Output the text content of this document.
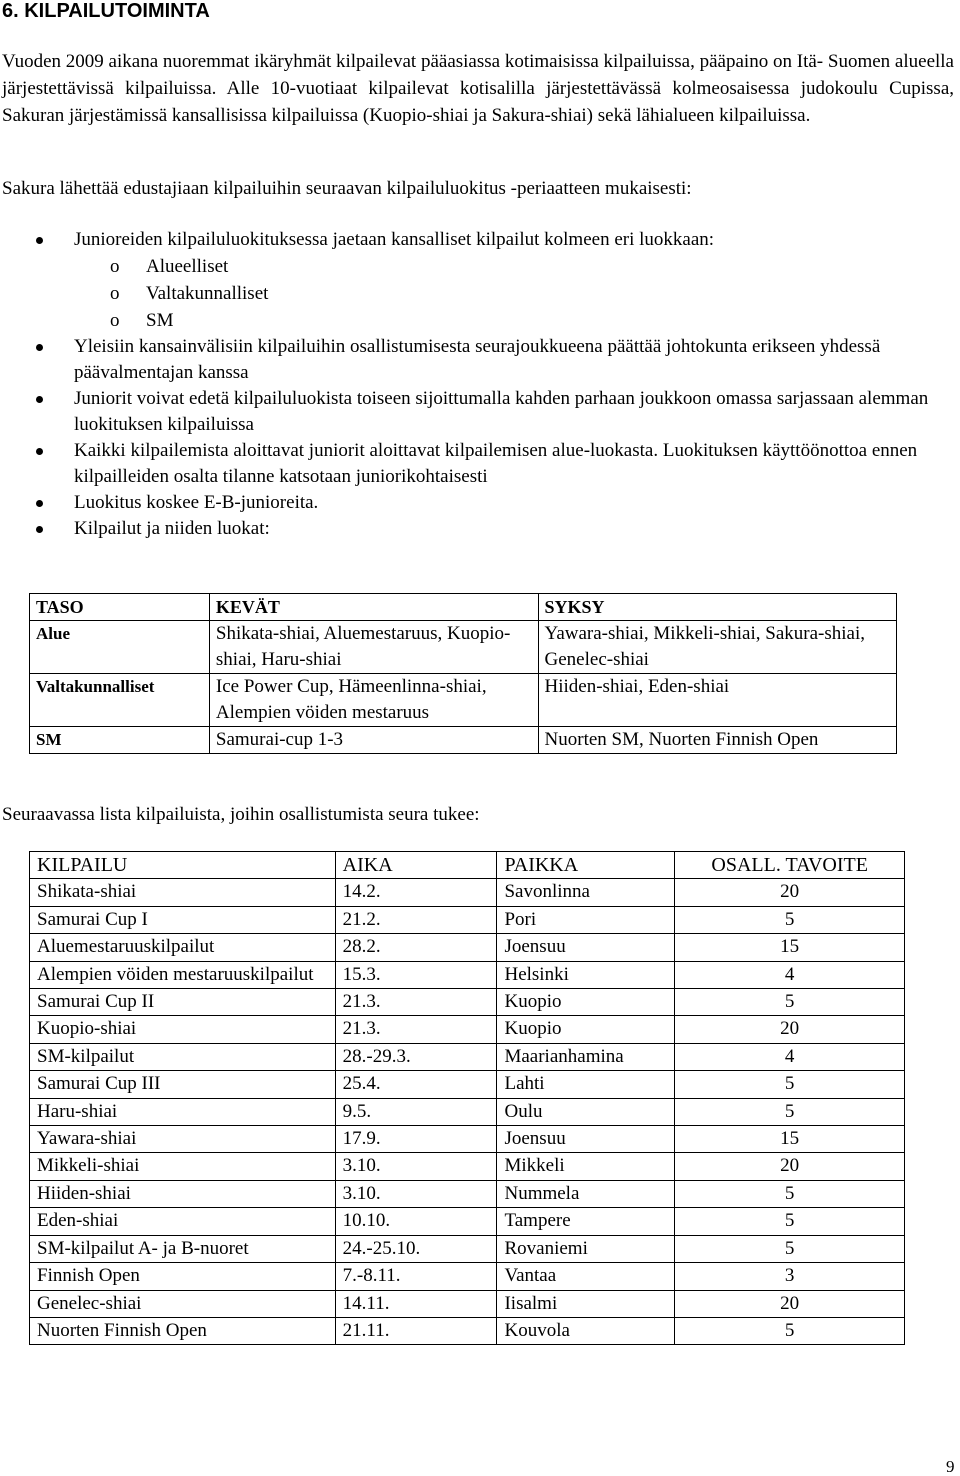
6. KILPAILUTOIMINTA

Vuoden 2009 aikana nuoremmat ikäryhmät kilpailevat pääasiassa kotimaisissa kilpailuissa, pääpaino on Itä- Suomen alueella järjestettävissä kilpailuissa. Alle 10-vuotiaat kilpailevat kotisalilla järjestettävässä kolmeosaisessa judokoulu Cupissa, Sakuran järjestämissä kansallisissa kilpailuissa (Kuopio-shiai ja Sakura-shiai) sekä lähialueen kilpailuissa.

Sakura lähettää edustajiaan kilpailuihin seuraavan kilpailuluokitus -periaatteen mukaisesti:

Junioreiden kilpailuluokituksessa jaetaan kansalliset kilpailut kolmeen eri luokkaan:
o Alueelliset
o Valtakunnalliset
o SM
Yleisiin kansainvälisiin kilpailuihin osallistumisesta seurajoukkueena päättää johtokunta erikseen yhdessä päävalmentajan kanssa
Juniorit voivat edetä kilpailuluokista toiseen sijoittumalla kahden parhaan joukkoon omassa sarjassaan alemman luokituksen kilpailuissa
Kaikki kilpailemista aloittavat juniorit aloittavat kilpailemisen alue-luokasta. Luokituksen käyttöönottoa ennen kilpailleiden osalta tilanne katsotaan juniorikohtaisesti
Luokitus koskee E-B-junioreita.
Kilpailut ja niiden luokat:
TASO	KEVÄT	SYKSY
Alue	Shikata-shiai, Aluemestaruus, Kuopio-shiai, Haru-shiai	Yawara-shiai, Mikkeli-shiai, Sakura-shiai, Genelec-shiai
Valtakunnalliset	Ice Power Cup, Hämeenlinna-shiai, Alempien vöiden mestaruus	Hiiden-shiai, Eden-shiai
SM	Samurai-cup 1-3	Nuorten SM, Nuorten Finnish Open

Seuraavassa lista kilpailuista, joihin osallistumista seura tukee:

KILPAILU	AIKA	PAIKKA	OSALL. TAVOITE
Shikata-shiai	14.2.	Savonlinna	20
Samurai Cup I	21.2.	Pori	5
Aluemestaruuskilpailut	28.2.	Joensuu	15
Alempien vöiden mestaruuskilpailut	15.3.	Helsinki	4
Samurai Cup II	21.3.	Kuopio	5
Kuopio-shiai	21.3.	Kuopio	20
SM-kilpailut	28.-29.3.	Maarianhamina	4
Samurai Cup III	25.4.	Lahti	5
Haru-shiai	9.5.	Oulu	5
Yawara-shiai	17.9.	Joensuu	15
Mikkeli-shiai	3.10.	Mikkeli	20
Hiiden-shiai	3.10.	Nummela	5
Eden-shiai	10.10.	Tampere	5
SM-kilpailut A- ja B-nuoret	24.-25.10.	Rovaniemi	5
Finnish Open	7.-8.11.	Vantaa	3
Genelec-shiai	14.11.	Iisalmi	20
Nuorten Finnish Open	21.11.	Kouvola	5
9
